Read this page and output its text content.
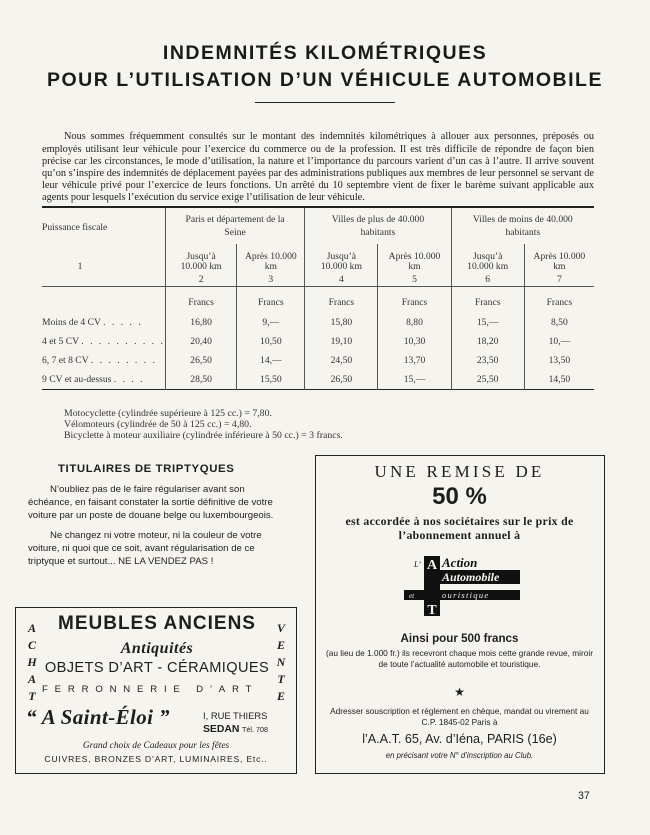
INDEMNITÉS KILOMÉTRIQUES
POUR L’UTILISATION D’UN VÉHICULE AUTOMOBILE

Nous sommes fréquemment consultés sur le montant des indemnités kilométriques à allouer aux personnes, préposés ou employés utilisant leur véhicule pour l’exercice du commerce ou de la profession. Il est très difficile de répondre de façon bien précise car les circonstances, le mode d’utilisation, la nature et l’importance du parcours varient d’un cas à l’autre. Il arrive souvent qu’on s’inspire des indemnités de déplacement payées par des administrations publiques aux membres de leur personnel se servant de leur véhicule privé pour l’exercice de leurs fonctions. Un arrêté du 10 septembre vient de fixer le barème suivant applicable aux agents pour lesquels l’exécution du service exige l’utilisation de leur véhicule.

Puissance fiscale

1	Paris et département de la Seine		Villes de plus de 40.000 habitants		Villes de moins de 40.000 habitants	
	Jusqu’à 10.000 km	Après 10.000 km	Jusqu’à 10.000 km	Après 10.000 km	Jusqu’à 10.000 km	Après 10.000 km
	2	3	4	5	6	7

	Francs	Francs	Francs	Francs	Francs	Francs
Moins de 4 CV . . . . .	16,80	9,—	15,80	8,80	15,—	8,50
4 et 5 CV . . . . . . . . . .	20,40	10,50	19,10	10,30	18,20	10,—
6, 7 et 8 CV . . . . . . . .	26,50	14,—	24,50	13,70	23,50	13,50
9 CV et au-dessus . . . .	28,50	15,50	26,50	15,—	25,50	14,50

Motocyclette (cylindrée supérieure à 125 cc.) = 7,80.
Vélomoteurs (cylindrée de 50 à 125 cc.) = 4,80.
Bicyclette à moteur auxiliaire (cylindrée inférieure à 50 cc.) = 3 francs.
TITULAIRES DE TRIPTYQUES

N’oubliez pas de le faire régulariser avant son échéance, en faisant constater la sortie définitive de votre voiture par un poste de douane belge ou luxembourgeois.

Ne changez ni votre moteur, ni la couleur de votre voiture, ni quoi que ce soit, avant régularisation de ce triptyque et surtout... NE LA VENDEZ PAS !

A
C
H
A
T
V
E
N
T
E
MEUBLES ANCIENS
Antiquités
OBJETS D’ART - CÉRAMIQUES
FERRONNERIE D’ART
“ A Saint-Éloi ”	I, RUE THIERS
SEDAN Tél. 708
Grand choix de Cadeaux pour les fêtes
CUIVRES, BRONZES D’ART, LUMINAIRES, Etc..
UNE REMISE DE
50 %
est accordée à nos sociétaires sur le prix de l’abonnement annuel à
A
T
L’ Action
Automobile
et	ouristique
Ainsi pour 500 francs
(au lieu de 1.000 fr.) ils recevront chaque mois cette grande revue, miroir de toute l’actualité automobile et touristique.
★
Adresser souscription et règlement en chèque, mandat ou virement au C.P. 1845-02 Paris à
l’A.A.T. 65, Av. d’Iéna, PARIS (16e)
en précisant votre N° d’inscription au Club.
37
